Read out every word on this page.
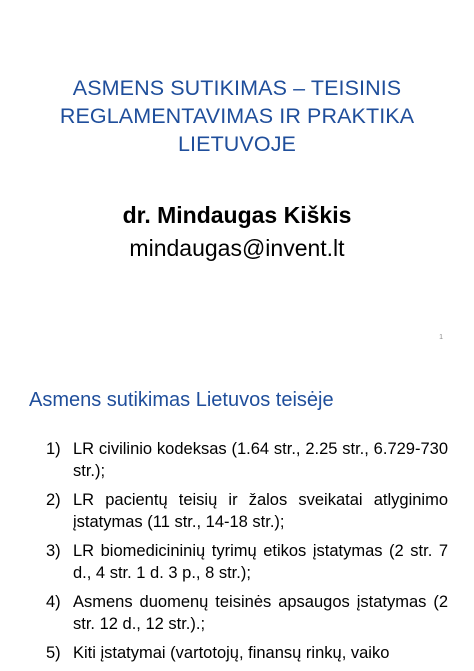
ASMENS SUTIKIMAS – TEISINIS
REGLAMENTAVIMAS IR PRAKTIKA
LIETUVOJE
dr. Mindaugas Kiškis
mindaugas@invent.lt
1
Asmens sutikimas Lietuvos teisėje
1) LR civilinio kodeksas (1.64 str., 2.25 str., 6.729-730 str.);
2) LR pacientų teisių ir žalos sveikatai atlyginimo įstatymas (11 str., 14-18 str.);
3) LR biomedicininių tyrimų etikos įstatymas (2 str. 7 d., 4 str. 1 d. 3 p., 8 str.);
4) Asmens duomenų teisinės apsaugos įstatymas (2 str. 12 d., 12 str.).;
5) Kiti įstatymai (vartotojų, finansų rinkų, vaiko
